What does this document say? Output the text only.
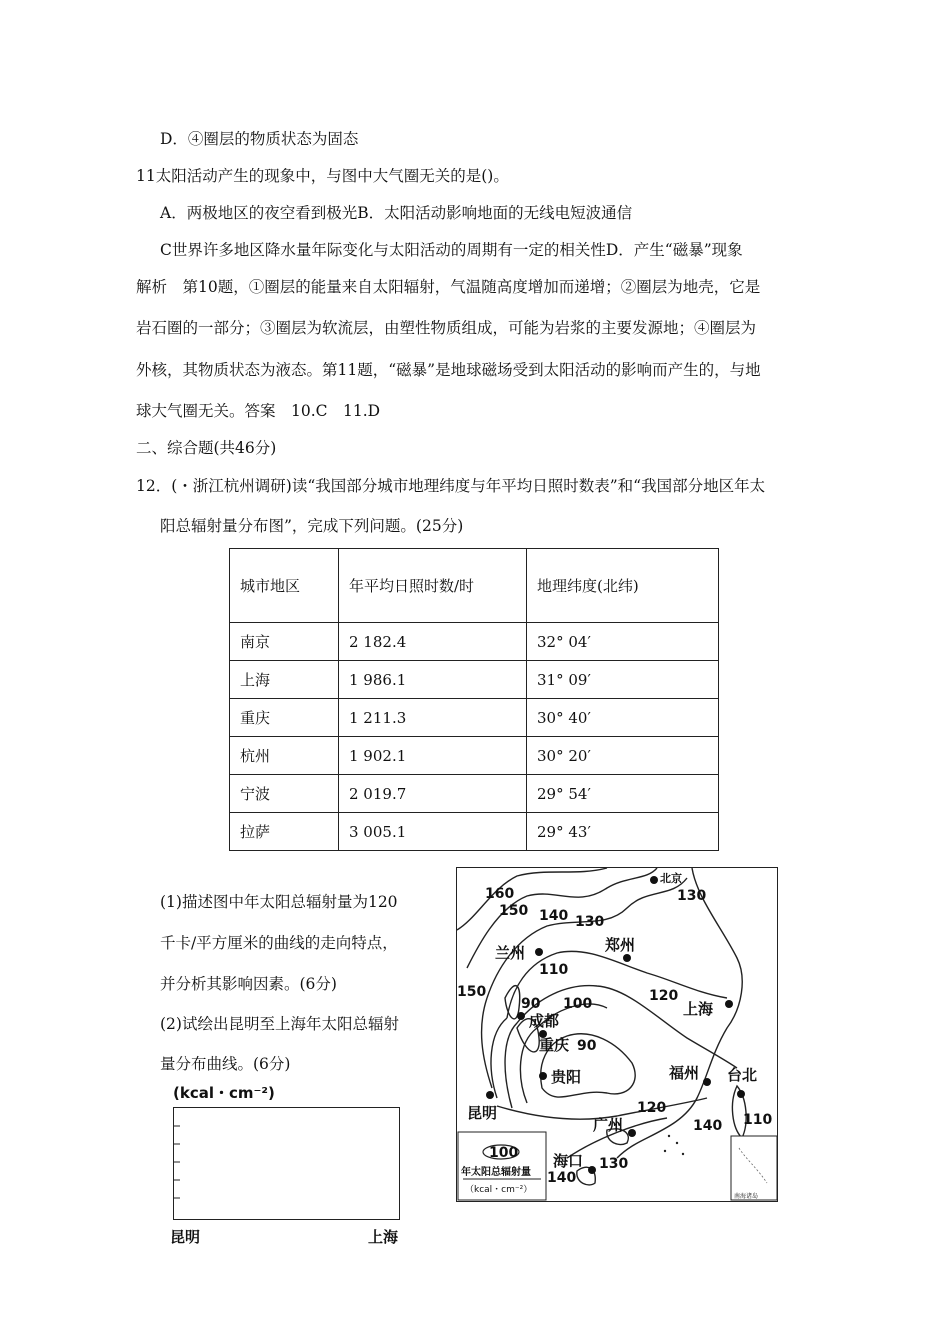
D．④圈层的物质状态为固态
11太阳活动产生的现象中，与图中大气圈无关的是()。
A．两极地区的夜空看到极光B．太阳活动影响地面的无线电短波通信
C世界许多地区降水量年际变化与太阳活动的周期有一定的相关性D．产生“磁暴”现象
解析　第10题，①圈层的能量来自太阳辐射，气温随高度增加而递增；②圈层为地壳，它是
岩石圈的一部分；③圈层为软流层，由塑性物质组成，可能为岩浆的主要发源地；④圈层为
外核，其物质状态为液态。第11题，“磁暴”是地球磁场受到太阳活动的影响而产生的，与地
球大气圈无关。答案　10.C　11.D
二、综合题(共46分)
12．(・浙江杭州调研)读“我国部分城市地理纬度与年平均日照时数表”和“我国部分地区年太
阳总辐射量分布图”，完成下列问题。(25分)
城市地区	年平均日照时数/时	地理纬度(北纬)
南京	2 182.4	32° 04′
上海	1 986.1	31° 09′
重庆	1 211.3	30° 40′
杭州	1 902.1	30° 20′
宁波	2 019.7	29° 54′
拉萨	3 005.1	29° 43′
(1)描述图中年太阳总辐射量为120
千卡/平方厘米的曲线的走向特点，
并分析其影响因素。(6分)
(2)试绘出昆明至上海年太阳总辐射
量分布曲线。(6分)
(kcal・cm⁻²)
昆明	上海
北京
兰州	郑州
成都
重庆
贵阳
上海
福州 台北
昆明
广州
海口
160
150 140 130
130
110
100
90
90
150	120
120
140 110
130
140
100
年太阳总辐射量
（kcal・cm⁻²）
南海诸岛
